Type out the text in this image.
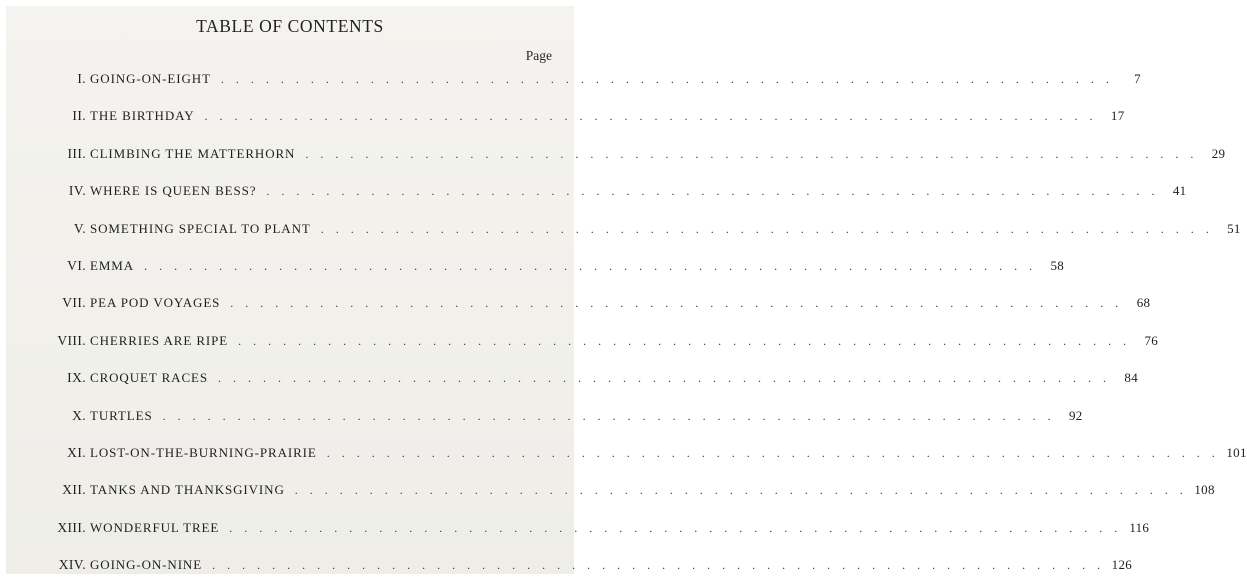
TABLE OF CONTENTS
Page
I. GOING-ON-EIGHT .  .  .  .  .  .  .  .  .  .  .  .  .  .  .  .  .  .  .  .  .  .  .  .  .  .  .  .  .  .  .  .  .  .  .  .  .  .  .  .  .  .  .  .  .  .  .  .  .  .  .  .  .  .  .  .  .  .  .  .	7
II. THE BIRTHDAY .  .  .  .  .  .  .  .  .  .  .  .  .  .  .  .  .  .  .  .  .  .  .  .  .  .  .  .  .  .  .  .  .  .  .  .  .  .  .  .  .  .  .  .  .  .  .  .  .  .  .  .  .  .  .  .  .  .  .  .	17
III. CLIMBING THE MATTERHORN .  .  .  .  .  .  .  .  .  .  .  .  .  .  .  .  .  .  .  .  .  .  .  .  .  .  .  .  .  .  .  .  .  .  .  .  .  .  .  .  .  .  .  .  .  .  .  .  .  .  .  .  .  .  .  .  .  .  .  .	29
IV. WHERE IS QUEEN BESS? .  .  .  .  .  .  .  .  .  .  .  .  .  .  .  .  .  .  .  .  .  .  .  .  .  .  .  .  .  .  .  .  .  .  .  .  .  .  .  .  .  .  .  .  .  .  .  .  .  .  .  .  .  .  .  .  .  .  .  .	41
V. SOMETHING SPECIAL TO PLANT .  .  .  .  .  .  .  .  .  .  .  .  .  .  .  .  .  .  .  .  .  .  .  .  .  .  .  .  .  .  .  .  .  .  .  .  .  .  .  .  .  .  .  .  .  .  .  .  .  .  .  .  .  .  .  .  .  .  .  .	51
VI. EMMA .  .  .  .  .  .  .  .  .  .  .  .  .  .  .  .  .  .  .  .  .  .  .  .  .  .  .  .  .  .  .  .  .  .  .  .  .  .  .  .  .  .  .  .  .  .  .  .  .  .  .  .  .  .  .  .  .  .  .  .	58
VII. PEA POD VOYAGES .  .  .  .  .  .  .  .  .  .  .  .  .  .  .  .  .  .  .  .  .  .  .  .  .  .  .  .  .  .  .  .  .  .  .  .  .  .  .  .  .  .  .  .  .  .  .  .  .  .  .  .  .  .  .  .  .  .  .  .	68
VIII. CHERRIES ARE RIPE .  .  .  .  .  .  .  .  .  .  .  .  .  .  .  .  .  .  .  .  .  .  .  .  .  .  .  .  .  .  .  .  .  .  .  .  .  .  .  .  .  .  .  .  .  .  .  .  .  .  .  .  .  .  .  .  .  .  .  .	76
IX. CROQUET RACES .  .  .  .  .  .  .  .  .  .  .  .  .  .  .  .  .  .  .  .  .  .  .  .  .  .  .  .  .  .  .  .  .  .  .  .  .  .  .  .  .  .  .  .  .  .  .  .  .  .  .  .  .  .  .  .  .  .  .  .	84
X. TURTLES .  .  .  .  .  .  .  .  .  .  .  .  .  .  .  .  .  .  .  .  .  .  .  .  .  .  .  .  .  .  .  .  .  .  .  .  .  .  .  .  .  .  .  .  .  .  .  .  .  .  .  .  .  .  .  .  .  .  .  .	92
XI. LOST-ON-THE-BURNING-PRAIRIE .  .  .  .  .  .  .  .  .  .  .  .  .  .  .  .  .  .  .  .  .  .  .  .  .  .  .  .  .  .  .  .  .  .  .  .  .  .  .  .  .  .  .  .  .  .  .  .  .  .  .  .  .  .  .  .  .  .  .  . 101
XII. TANKS AND THANKSGIVING .  .  .  .  .  .  .  .  .  .  .  .  .  .  .  .  .  .  .  .  .  .  .  .  .  .  .  .  .  .  .  .  .  .  .  .  .  .  .  .  .  .  .  .  .  .  .  .  .  .  .  .  .  .  .  .  .  .  .  . 108
XIII. WONDERFUL TREE .  .  .  .  .  .  .  .  .  .  .  .  .  .  .  .  .  .  .  .  .  .  .  .  .  .  .  .  .  .  .  .  .  .  .  .  .  .  .  .  .  .  .  .  .  .  .  .  .  .  .  .  .  .  .  .  .  .  .  . 116
XIV. GOING-ON-NINE .  .  .  .  .  .  .  .  .  .  .  .  .  .  .  .  .  .  .  .  .  .  .  .  .  .  .  .  .  .  .  .  .  .  .  .  .  .  .  .  .  .  .  .  .  .  .  .  .  .  .  .  .  .  .  .  .  .  .  . 126
